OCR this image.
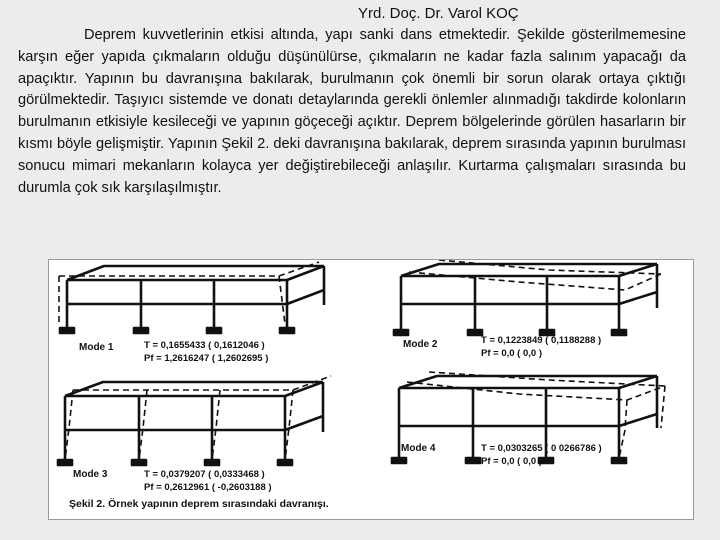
Yrd. Doç. Dr. Varol KOÇ

Deprem kuvvetlerinin etkisi altında, yapı sanki dans etmektedir. Şekilde gösterilmemesine karşın eğer yapıda çıkmaların olduğu düşünülürse, çıkmaların ne kadar fazla salınım yapacağı da apaçıktır. Yapının bu davranışına bakılarak, burulmanın çok önemli bir sorun olarak ortaya çıktığı görülmektedir. Taşıyıcı sistemde ve donatı detaylarında gerekli önlemler alınmadığı takdirde kolonların burulmanın etkisiyle kesileceği ve yapının göçeceği açıktır. Deprem bölgelerinde görülen hasarların bir kısmı böyle gelişmiştir. Yapının Şekil 2. deki davranışına bakılarak, deprem sırasında yapının burulması sonucu mimari mekanların kolayca yer değiştirebileceği anlaşılır. Kurtarma çalışmaları sırasında bu durumla çok sık karşılaşılmıştır.

Mode 1	T = 0,1655433 ( 0,1612046 )
Pf = 1,2616247 ( 1,2602695 )
Mode 2	T = 0,1223849 ( 0,1188288 )
Pf = 0,0 ( 0,0 )
Mode 3	T = 0,0379207 ( 0,0333468 )
Pf = 0,2612961 ( -0,2603188 )
Mode 4	T = 0,0303265 ( 0 0266786 )
Pf = 0,0 ( 0,0 )
Şekil 2. Örnek yapının deprem sırasındaki davranışı.
